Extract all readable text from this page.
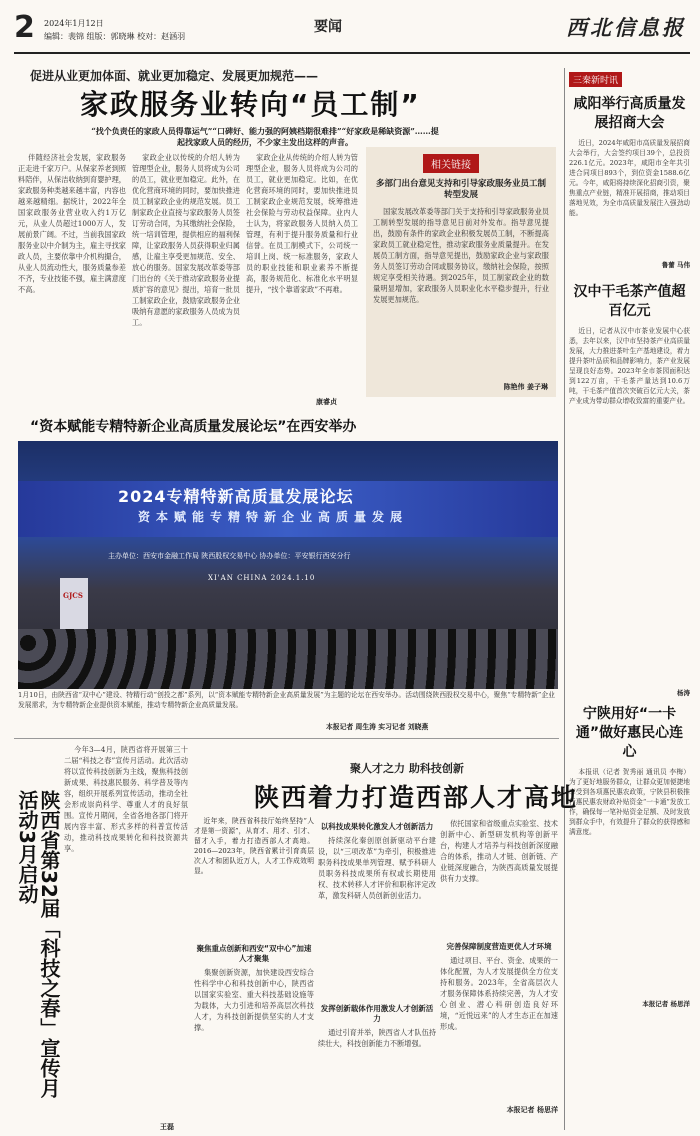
2 2024年1月12日
编辑：裴锦 组版：郭晓琳 校对：赵涵羽
要闻	西北信息报
促进从业更加体面、就业更加稳定、发展更加规范——
家政服务业转向“员工制”
“找个负责任的家政人员得靠运气”“口碑好、能力强的阿姨档期很难排”“好家政是稀缺资源”……提起找家政人员的经历，不少家主发出这样的声音。
伴随经济社会发展，家政服务正走进千家万户。从保家养老到照料陪伴，从保洁收纳到育婴护理，家政服务种类越来越丰富，内容也越来越精细。据统计，2022年全国家政服务业营业收入约1万亿元，从业人员超过1000万人，发展前景广阔。不过，当前我国家政服务业以中介制为主，雇主寻找家政人员，主要依靠中介机构撮合，从业人员流动性大，服务质量参差不齐，专业技能不强，雇主满意度不高。
家政企业以传统的介绍人转为管理型企业，服务人员将成为公司的员工，就业更加稳定。此外，在优化营商环境的同时，要加快推进员工制家政企业的规范发展。员工制家政企业直接与家政服务人员签订劳动合同，为其缴纳社会保险，统一培训管理，提供相应的福利保障，让家政服务人员获得职业归属感，让雇主享受更加规范、安全、放心的服务。国家发展改革委等部门出台的《关于推动家政服务业提质扩容的意见》提出，培育一批员工制家政企业，鼓励家政服务企业吸纳有意愿的家政服务人员成为员工。
家政企业从传统的介绍人转为管理型企业，服务人员将成为公司的员工，就业更加稳定。比如，在优化营商环境的同时，要加快推进员工制家政企业规范发展，统筹推进社会保险与劳动权益保障。业内人士认为，将家政服务人员纳入员工管理，有利于提升服务质量和行业信誉。在员工制模式下，公司统一培训上岗、统一标准服务，家政人员的职业技能和职业素养不断提高，服务规范化、标准化水平明显提升，“找个靠谱家政”不再难。
康睿贞
相关链接
多部门出台意见支持和引导家政服务业员工制转型发展
国家发展改革委等部门关于支持和引导家政服务业员工制转型发展的指导意见日前对外发布。指导意见提出，鼓励有条件的家政企业积极发展员工制，不断提高家政员工就业稳定性，推动家政服务业质量提升。在发展员工制方面，指导意见提出，鼓励家政企业与家政服务人员签订劳动合同或服务协议，缴纳社会保险，按照规定享受相关待遇。到2025年，员工制家政企业的数量明显增加，家政服务人员职业化水平稳步提升，行业发展更加规范。
陈艳伟 姜子琳
三秦新时讯
咸阳举行高质量发展招商大会
近日，2024年咸阳市高质量发展招商大会举行，大会签约项目39个，总投资226.1亿元。2023年，咸阳市全年共引进合同项目893个，到位资金1588.6亿元。今年，咸阳将持续深化招商引资，聚焦重点产业链，精准开展招商，推动项目落地见效，为全市高质量发展注入强劲动能。
鲁蕾 马伟
汉中干毛茶产值超百亿元
近日，记者从汉中市茶业发展中心获悉，去年以来，汉中市坚持茶产业高质量发展，大力推进茶叶生产基地建设，着力提升茶叶品质和品牌影响力，茶产业发展呈现良好态势。2023年全市茶园面积达到122万亩，干毛茶产量达到10.6万吨，干毛茶产值首次突破百亿元大关，茶产业成为带动群众增收致富的重要产业。
杨涛
宁陕用好“一卡通”做好惠民心连心
本报讯（记者 贺秀丽 通讯员 李梅）为了更好地服务群众，让群众更加便捷地享受到各项惠民惠农政策，宁陕县积极推行惠民惠农财政补贴资金“一卡通”发放工作，确保每一笔补贴资金足额、及时发放到群众手中，有效提升了群众的获得感和满意度。
本报记者 杨思洋
“资本赋能专精特新企业高质量发展论坛”在西安举办
2024专精特新高质量发展论坛
资本赋能专精特新企业高质量发展
主办单位：西安市金融工作局 陕西股权交易中心 协办单位：平安银行西安分行
XI'AN CHINA 2024.1.10
GJCS
1月10日，由陕西省“双中心”建设、特精行动“创投之都”系列，以“资本赋能专精特新企业高质量发展”为主题的论坛在西安举办。活动围绕陕西股权交易中心，聚焦“专精特新”企业发展需求，为专精特新企业提供资本赋能，推动专精特新企业高质量发展。
本报记者 周生涛 实习记者 刘晓燕
陕西省第32届「科技之春」宣传月活动3月启动
今年3—4月，陕西省将开展第三十二届“科技之春”宣传月活动。此次活动将以宣传科技创新为主线，聚焦科技创新成果、科技惠民服务、科学普及等内容，组织开展系列宣传活动，推动全社会形成崇尚科学、尊重人才的良好氛围。宣传月期间，全省各地各部门将开展内容丰富、形式多样的科普宣传活动，推动科技成果转化和科技资源共享。
王磊
聚人才之力 助科技创新
陕西着力打造西部人才高地
近年来，陕西省科技厅始终坚持“人才是第一资源”，从育才、用才、引才、留才入手，着力打造西部人才高地。2016—2023年，陕西省累计引育高层次人才和团队近万人，人才工作成效明显。
聚焦重点创新和西安“双中心”加速人才聚集
集聚创新资源，加快建设西安综合性科学中心和科技创新中心，陕西省以国家实验室、重大科技基础设施等为载体，大力引进和培养高层次科技人才，为科技创新提供坚实的人才支撑。
以科技成果转化激发人才创新活力
持续深化秦创原创新驱动平台建设，以“三项改革”为牵引，积极推进职务科技成果单列管理、赋予科研人员职务科技成果所有权或长期使用权、技术转移人才评价和职称评定改革，激发科研人员创新创业活力。
发挥创新载体作用激发人才创新活力
通过引育并举，陕西省人才队伍持续壮大，科技创新能力不断增强。
依托国家和省级重点实验室、技术创新中心、新型研发机构等创新平台，构建人才培养与科技创新深度融合的体系，推动人才链、创新链、产业链深度融合，为陕西高质量发展提供有力支撑。
完善保障制度营造更优人才环境
通过项目、平台、资金、成果的一体化配置，为人才发展提供全方位支持和服务。2023年，全省高层次人才服务保障体系持续完善，为人才安心创业、潜心科研创造良好环境，“近悦远来”的人才生态正在加速形成。
本报记者 杨思洋
